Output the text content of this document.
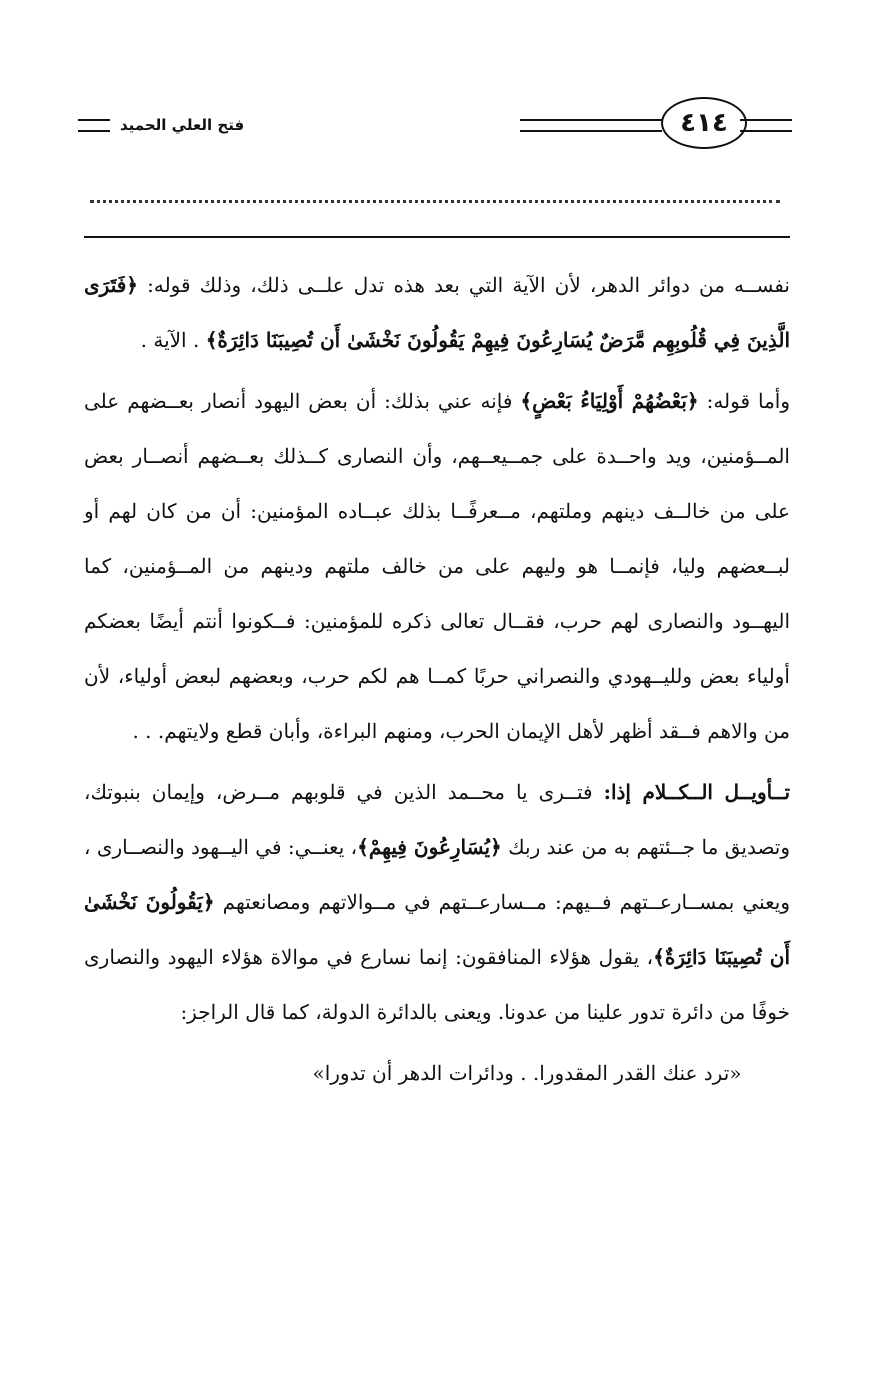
فتح العلي الحميد	٤١٤

نفســه من دوائر الدهر، لأن الآية التي بعد هذه تدل علــى ذلك، وذلك قوله: ﴿فَتَرَى الَّذِينَ فِي قُلُوبِهِم مَّرَضٌ يُسَارِعُونَ فِيهِمْ يَقُولُونَ نَخْشَىٰ أَن تُصِيبَنَا دَائِرَةٌ﴾ . الآية .

وأما قوله: ﴿بَعْضُهُمْ أَوْلِيَاءُ بَعْضٍ﴾ فإنه عني بذلك: أن بعض اليهود أنصار بعــضهم على المــؤمنين، ويد واحــدة على جمــيعــهم، وأن النصارى كــذلك بعــضهم أنصــار بعض على من خالــف دينهم وملتهم، مــعرفًــا بذلك عبــاده المؤمنين: أن من كان لهم أو لبــعضهم وليا، فإنمــا هو وليهم على من خالف ملتهم ودينهم من المــؤمنين، كما اليهــود والنصارى لهم حرب، فقــال تعالى ذكره للمؤمنين: فــكونوا أنتم أيضًا بعضكم أولياء بعض ولليــهودي والنصراني حربًا كمــا هم لكم حرب، وبعضهم لبعض أولياء، لأن من والاهم فــقد أظهر لأهل الإيمان الحرب، ومنهم البراءة، وأبان قطع ولايتهم. . .

تــأويــل الــكــلام إذا: فتــرى يا محــمد الذين في قلوبهم مــرض، وإيمان بنبوتك، وتصديق ما جــئتهم به من عند ربك ﴿يُسَارِعُونَ فِيهِمْ﴾، يعنــي: في اليــهود والنصــارى ، ويعني بمســارعــتهم فــيهم: مــسارعــتهم في مــوالاتهم ومصانعتهم ﴿يَقُولُونَ نَخْشَىٰ أَن تُصِيبَنَا دَائِرَةٌ﴾، يقول هؤلاء المنافقون: إنما نسارع في موالاة هؤلاء اليهود والنصارى خوفًا من دائرة تدور علينا من عدونا. ويعنى بالدائرة الدولة، كما قال الراجز:

«ترد عنك القدر المقدورا. . ودائرات الدهر أن تدورا»
